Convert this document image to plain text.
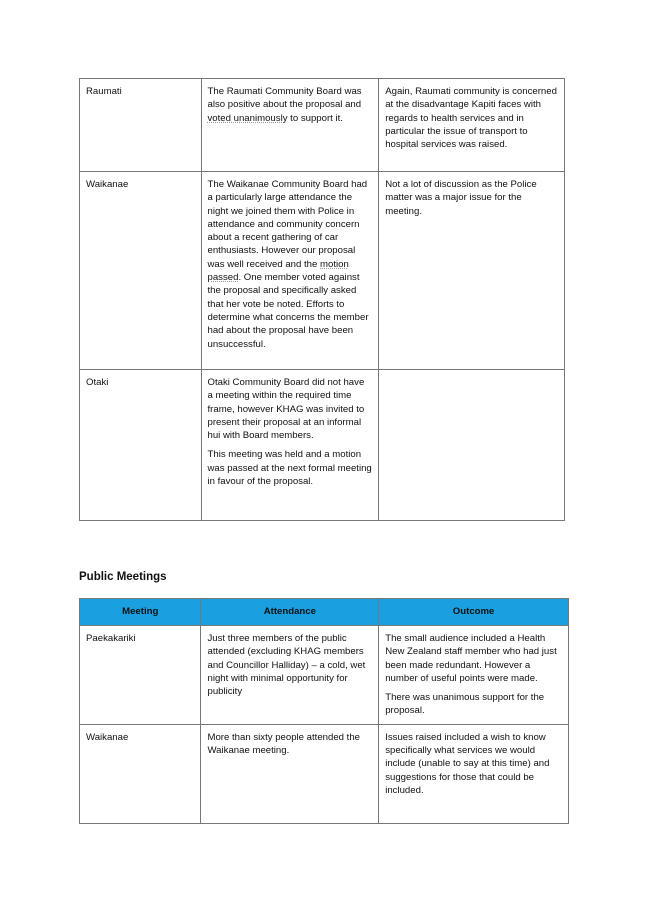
Raumati	The Raumati Community Board was also positive about the proposal and voted unanimously to support it.	Again, Raumati community is concerned at the disadvantage Kapiti faces with regards to health services and in particular the issue of transport to hospital services was raised.
Waikanae	The Waikanae Community Board had a particularly large attendance the night we joined them with Police in attendance and community concern about a recent gathering of car enthusiasts. However our proposal was well received and the motion passed. One member voted against the proposal and specifically asked that her vote be noted. Efforts to determine what concerns the member had about the proposal have been unsuccessful.	Not a lot of discussion as the Police matter was a major issue for the meeting.
Otaki	Otaki Community Board did not have a meeting within the required time frame, however KHAG was invited to present their proposal at an informal hui with Board members.

This meeting was held and a motion was passed at the next formal meeting in favour of the proposal.	

Public Meetings
Meeting	Attendance	Outcome
Paekakariki	Just three members of the public attended (excluding KHAG members and Councillor Halliday) – a cold, wet night with minimal opportunity for publicity	The small audience included a Health New Zealand staff member who had just been made redundant. However a number of useful points were made.

There was unanimous support for the proposal.

Waikanae	More than sixty people attended the Waikanae meeting.	Issues raised included a wish to know specifically what services we would include (unable to say at this time) and suggestions for those that could be included.
